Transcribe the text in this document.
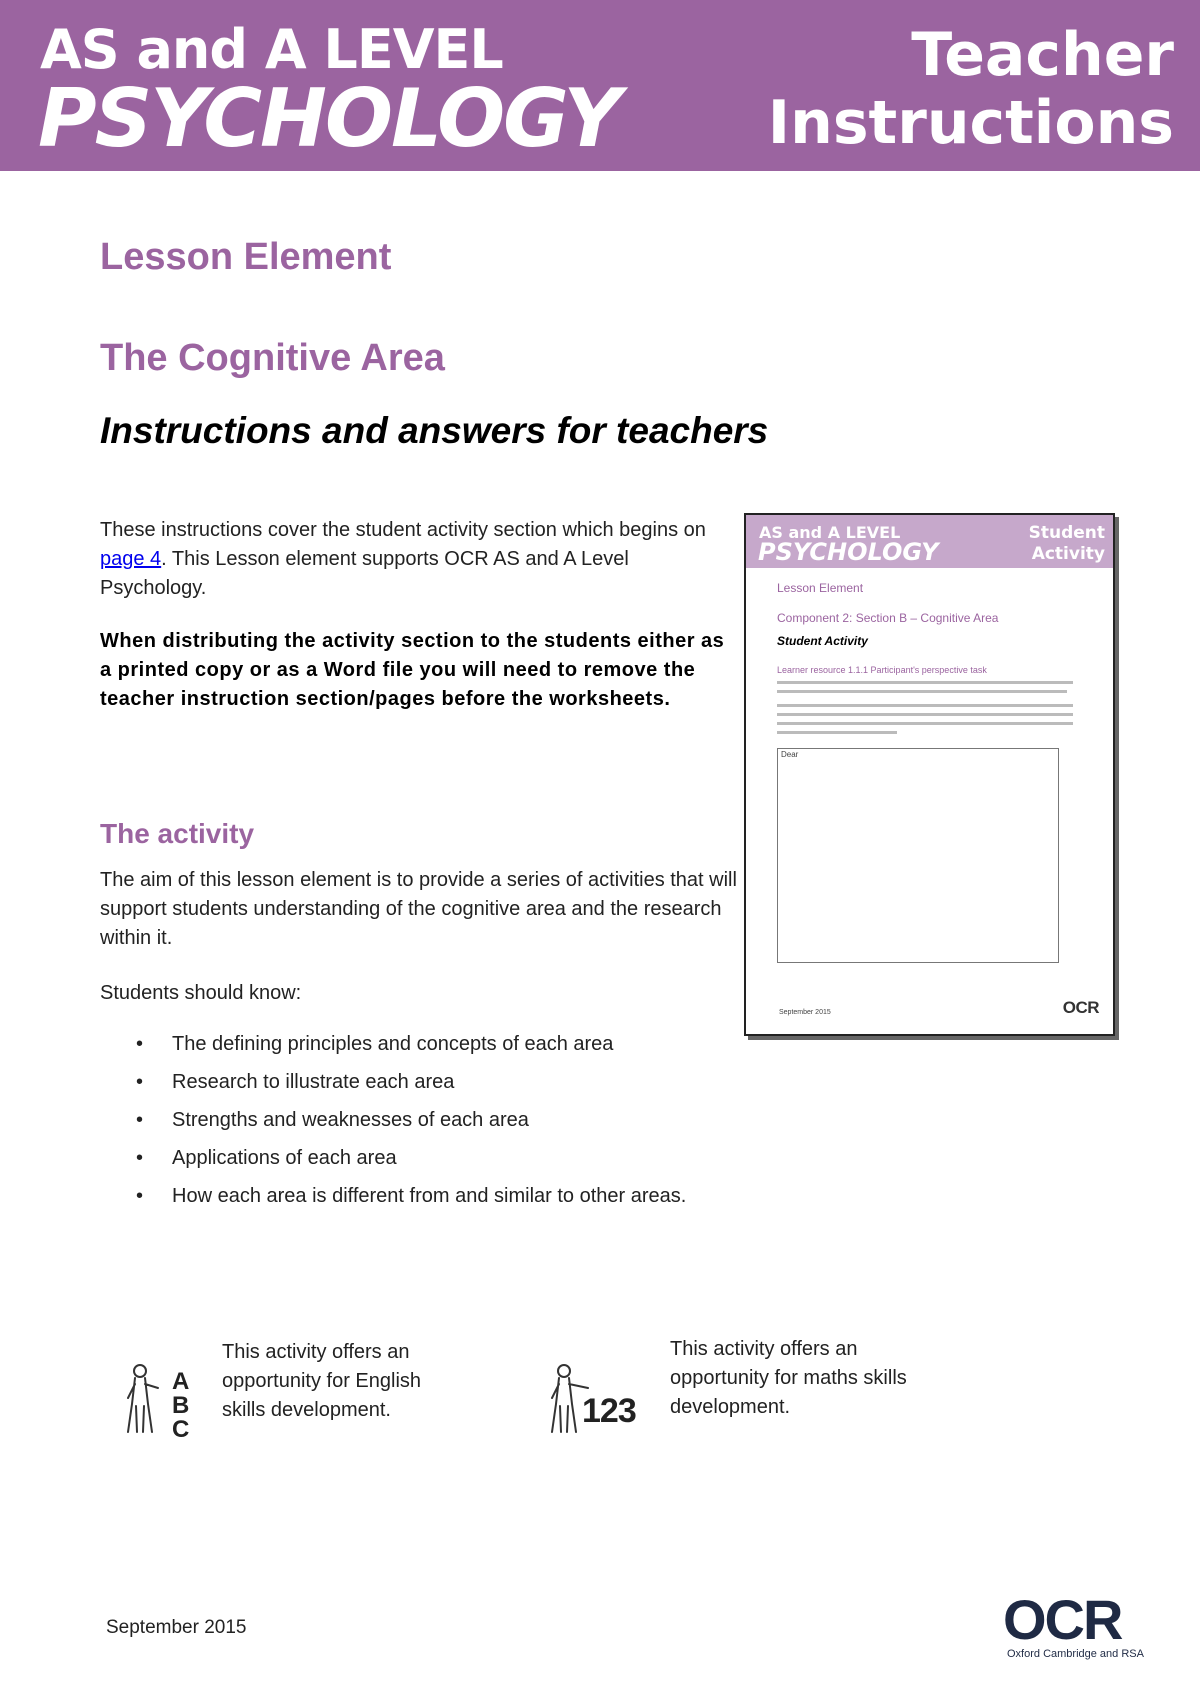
AS and A LEVEL
PSYCHOLOGY
Teacher
Instructions
Lesson Element
The Cognitive Area
Instructions and answers for teachers

These instructions cover the student activity section which begins on page 4. This Lesson element supports OCR AS and A Level Psychology.

When distributing the activity section to the students either as a printed copy or as a Word file you will need to remove the teacher instruction section/pages before the worksheets.

The activity

The aim of this lesson element is to provide a series of activities that will support students understanding of the cognitive area and the research within it.

Students should know:

• The defining principles and concepts of each area
• Research to illustrate each area
• Strengths and weaknesses of each area
• Applications of each area
• How each area is different from and similar to other areas.
AS and A LEVEL
PSYCHOLOGY
Student
Activity
Lesson Element
Component 2: Section B – Cognitive Area
Student Activity
Learner resource 1.1.1 Participant's perspective task
Dear
September 2015	OCR
A
B
C

This activity offers an opportunity for English skills development.	123

This activity offers an opportunity for maths skills development.

September 2015	OCR
Oxford Cambridge and RSA
